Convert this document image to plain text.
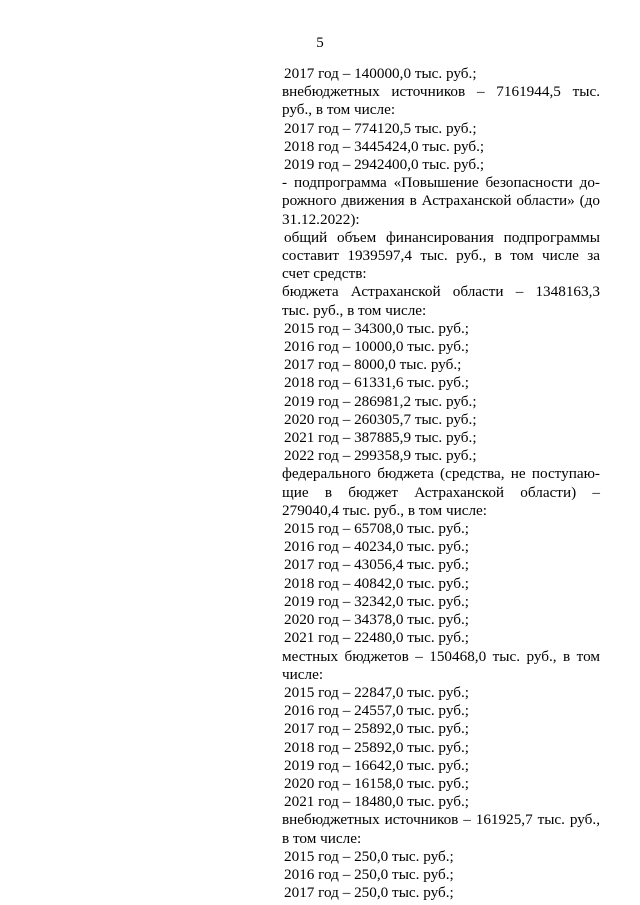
5
2017 год – 140000,0 тыс. руб.;
внебюджетных источников – 7161944,5 тыс.
руб., в том числе:
2017 год – 774120,5 тыс. руб.;
2018 год – 3445424,0 тыс. руб.;
2019 год – 2942400,0 тыс. руб.;
- подпрограмма «Повышение безопасности до-
рожного движения в Астраханской области» (до
31.12.2022):
общий объем финансирования подпрограммы
составит 1939597,4 тыс. руб., в том числе за
счет средств:
бюджета Астраханской области – 1348163,3
тыс. руб., в том числе:
2015 год – 34300,0 тыс. руб.;
2016 год – 10000,0 тыс. руб.;
2017 год – 8000,0 тыс. руб.;
2018 год – 61331,6 тыс. руб.;
2019 год – 286981,2 тыс. руб.;
2020 год – 260305,7 тыс. руб.;
2021 год – 387885,9 тыс. руб.;
2022 год – 299358,9 тыс. руб.;
федерального бюджета (средства, не поступаю-
щие в бюджет Астраханской области) –
279040,4 тыс. руб., в том числе:
2015 год – 65708,0 тыс. руб.;
2016 год – 40234,0 тыс. руб.;
2017 год – 43056,4 тыс. руб.;
2018 год – 40842,0 тыс. руб.;
2019 год – 32342,0 тыс. руб.;
2020 год – 34378,0 тыс. руб.;
2021 год – 22480,0 тыс. руб.;
местных бюджетов – 150468,0 тыс. руб., в том
числе:
2015 год – 22847,0 тыс. руб.;
2016 год – 24557,0 тыс. руб.;
2017 год – 25892,0 тыс. руб.;
2018 год – 25892,0 тыс. руб.;
2019 год – 16642,0 тыс. руб.;
2020 год – 16158,0 тыс. руб.;
2021 год – 18480,0 тыс. руб.;
внебюджетных источников – 161925,7 тыс. руб.,
в том числе:
2015 год – 250,0 тыс. руб.;
2016 год – 250,0 тыс. руб.;
2017 год – 250,0 тыс. руб.;
